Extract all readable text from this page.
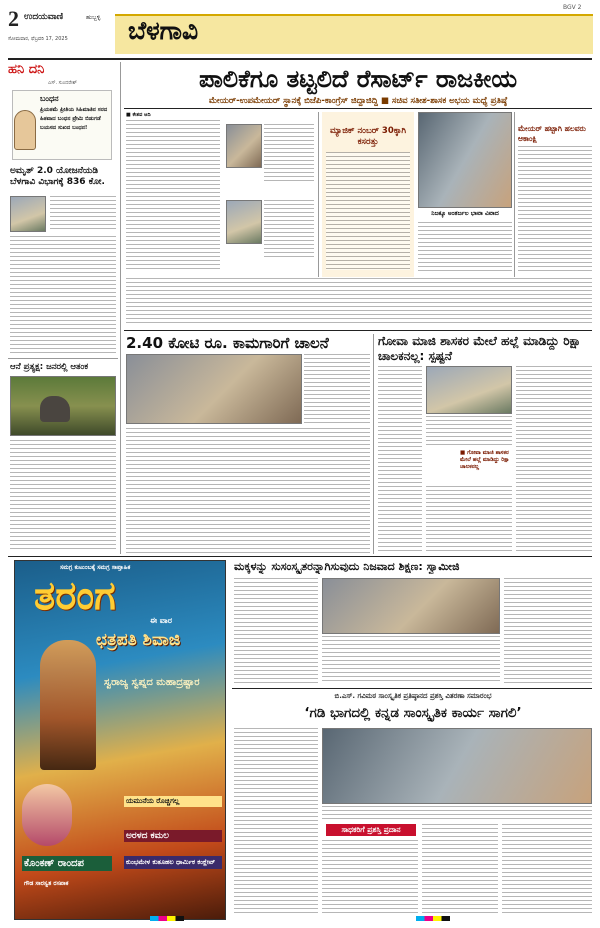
2 ಉದಯವಾಣಿ	ಹುಬ್ಬಳ್ಳಿ
ಸೋಮವಾರ, ಫೆಬ್ರವರಿ 17, 2025 ಬೆಳಗಾವಿ
BGV 2
ಹನಿ ದನಿ
ಎಸ್‌. ಸುಂದರೇಶ್‌
ಬಂಧನ
ಪ್ರಿಯತಮೆ ಪ್ರೀತಿಯ ಸಿಹಿಮಾತಿನ ಸರದ ಹಿತವಾದ ಬಂಧನ ಪ್ರೇಮಿ ಬಿಡುಗಡೆ ಬಯಸದ ಸುಖದ ಬಂಧನ!
ಅಮೃತ್‌ 2.0 ಯೋಜನೆಯಡಿ ಬೆಳಗಾವಿ ವಿಭಾಗಕ್ಕೆ 836 ಕೋ.
ಆನೆ ಪ್ರತ್ಯಕ್ಷ: ಜನರಲ್ಲಿ ಆತಂಕ
ಪಾಲಿಕೆಗೂ ತಟ್ಟಲಿದೆ ರೆಸಾರ್ಟ್‌ ರಾಜಕೀಯ
ಮೇಯರ್‌-ಉಪಮೇಯರ್‌ ಸ್ಥಾನಕ್ಕೆ ಬಿಜೆಪಿ-ಕಾಂಗ್ರೆಸ್‌ ಜಿದ್ದಾಜಿದ್ದಿ ■ ಸಚಿವ ಸತೀಶ-ಶಾಸಕ ಅಭಯ ಮಧ್ಯೆ ಪ್ರತಿಷ್ಠೆ
■ ಕೇಶವ ಆದಿ
ಮ್ಯಾಜಿಕ್‌ ನಂಬರ್‌ 30ಕ್ಕಾಗಿ ಕಸರತ್ತು
ನಿಜಕ್ಕೂ ಅಂತರ್ಜಲ ಭಾವಾ ವಿವಾದ
ಮೇಯರ್‌ ಹಟ್ಟಾಗಿ ಹಲವರು ಆಕಾಂಕ್ಷಿ
2.40 ಕೋಟಿ ರೂ. ಕಾಮಗಾರಿಗೆ ಚಾಲನೆ	ಗೋವಾ ಮಾಜಿ ಶಾಸಕರ ಮೇಲೆ ಹಲ್ಲೆ ಮಾಡಿದ್ದು ರಿಕ್ಷಾ ಚಾಲಕನಲ್ಲ: ಸ್ಪಷ್ಟನೆ
■ ಗೋವಾ ಮಾಜಿ ಶಾಸಕರ ಮೇಲೆ ಹಲ್ಲೆ ಮಾಡಿದ್ದು ರಿಕ್ಷಾ ಚಾಲಕನಲ್ಲ
ಸಮಗ್ರ ಕುಟುಂಬಕ್ಕೆ ಸಮಗ್ರ ಸಾಪ್ತಾಹಿಕ
ತರಂಗ
ಈ ವಾರ
ಛತ್ರಪತಿ ಶಿವಾಜಿ
ಸ್ವರಾಜ್ಯ ಸ್ವಪ್ನದ ಮಹಾದ್ರಷ್ಟಾರ
ಯಮುನೆಯ ರೊಚ್ಚಿಗಲ್ಲ
ಅರಳದ ಕಮಲ
ಕೊಂಕಣ್‌ ರಾಂದಪ
ಗೌಡ ಸಾರಸ್ವತ ರಸಪಾಕ
ಕುಂಭಮೇಳ ಕುತೂಹಲ ಧಾರ್ಮಿಕ ಕಂಕ್ಲೇವ್‌
ಮಕ್ಕಳನ್ನು ಸುಸಂಸ್ಕೃತರನ್ನಾಗಿಸುವುದು ನಿಜವಾದ ಶಿಕ್ಷಣ: ಸ್ವಾಮೀಜಿ
ಬಿ.ಎಸ್‌. ಗವಿಮಠ ಸಾಂಸ್ಕೃತಿಕ ಪ್ರತಿಷ್ಠಾನದ ಪ್ರಶಸ್ತಿ ವಿತರಣಾ ಸಮಾರಂಭ
‘ಗಡಿ ಭಾಗದಲ್ಲಿ ಕನ್ನಡ ಸಾಂಸ್ಕೃತಿಕ ಕಾರ್ಯ ಸಾಗಲಿ’
ಸಾಧಕರಿಗೆ ಪ್ರಶಸ್ತಿ ಪ್ರದಾನ
